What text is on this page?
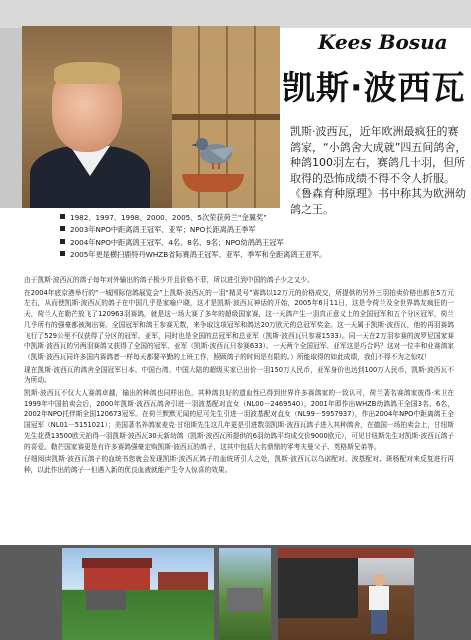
Kees Bosua
凯斯·波西瓦
凯斯·波西瓦，近年欧洲最疯狂的赛鸽家，“小鸽舍大成就”四五间鸽舍，种鸽100羽左右，赛鸽几十羽，但所取得的恐怖成绩不得不令人折服。《鲁森育种原理》书中称其为欧洲幼鸽之王。
1982、1997、1998、2000、2005、5次荣获荷兰“金翼奖”
2003年NPO中距离鸽王冠军、亚军；NPO长距离鸽王季军
2004年NPO中距离鸽王冠军、4名、8名、9名；NPO幼鸽鸽王冠军
2005年更是横扫鹿特丹WHZB省际赛鸽王冠军、亚军、季军和全距离鸽王亚军。

由于凯斯·波西瓦的鸽子每年对外输出的鸽子极少并且价格不菲，所以进引到中国的鸽子少之又少。

在2004年底京港举行的“一城围际信鸽展览会”上凯斯·波西瓦的一羽“精灵号”赛鸽以12万元的价格成交，所提供的另外三羽拍卖价格也都在5万元左右，从而使凯斯·波西瓦的鸽子在中国几乎是家喻户晓，这才是凯斯·波西瓦神话的开始，2005年6月11日，这是令荷兰及全世界鸽友疯狂的一天，荷兰人在勒芒放飞了120963羽赛鸽，就是这一场大赛了多年的超级国家赛，这一天鸽产生一羽真正意义上的全国冠军和五个分区冠军，荷兰几乎所有的强豪都被淘出赛。全国冠军和鸽王参赛无数，来争取这项冠军和鸽达20万欧元的总冠军奖金。这一天属于凯斯·波西瓦，他的再羽赛鸽飞行了529公里不仅获得了分区的冠军、亚军，同时也是全国的总冠军和总亚军（凯斯·波西瓦只参赛1533）。同一天在2万羽参赛的波罗尼国家赛中凯斯·波西瓦的另两羽赛鸽又获得了全国的冠军、亚军（凯斯·波西瓦只参赛633）。一天两个全国冠军、亚军这是巧合吗？这对一位丰和业赛鸽家（凯斯·波西瓦同许多国内赛鸽者一样每天都要辛勤的上班工作，照顾鸽子的时间是有限的。）所能取得的如此成绩，我们不得不为之惊叹！

现在凯斯·波西瓦的鸽舍全国冠军日本、中国台湾、中国大陆的超级买家已出价一羽150万人民币，亚军身价也达到100万人民币，凯斯·波西瓦不为所动。

凯斯·波西瓦不仅大人赛鸽卓越，输出的种鸽也同样出色，其种鸽良好的遗血性已得到世界许多赛鸽家的一致认可，荷兰著名赛鸽家彼得·米卫在1999年中国拍卖会后，2000年凯斯·波西瓦鸽舍引进一羽波基配对直女（NL00－2469540），2001年即作出WHZB幼鸽鸽王全国3名、6名，2002年NPO托伴斯全国120673冠军。在荷兰默默无闻的尼可先生引进一羽波基配对直女（NL99－5957937），作出2004年NPO中距离鸽王全国冠军（NL01－5151021）；美国著名养鸽家麦克·甘纽斯先生这几年更是引进数羽凯斯·波西瓦鸽子进入其种鸽舍，在德国一场拍卖会上，甘纽斯先生花费13500欧元拍得一羽凯斯·波西瓦30天新幼鸽（凯斯·波西瓦所提供的6羽幼鸽平均成交价9000欧元），可见甘纽斯先生对凯斯·波西瓦鸽子的喜爱。勒芒国家赛更是有许多赛鸽强豪定购凯斯·波西瓦的鸽子，这其中包括大名鼎鼎的零考夫曼父子、英格斯兄弟等。

仔细阅读凯斯·波西瓦鸽子的血统书您就会发现凯斯·波西瓦鸽子的血统所引人之处，凯斯·波西瓦以乌诺配对、波基配对、斑杨配对来反复进行再种，以此作出的鸽子一但遇入新的优良血液就能产生令人惊喜的效果。
